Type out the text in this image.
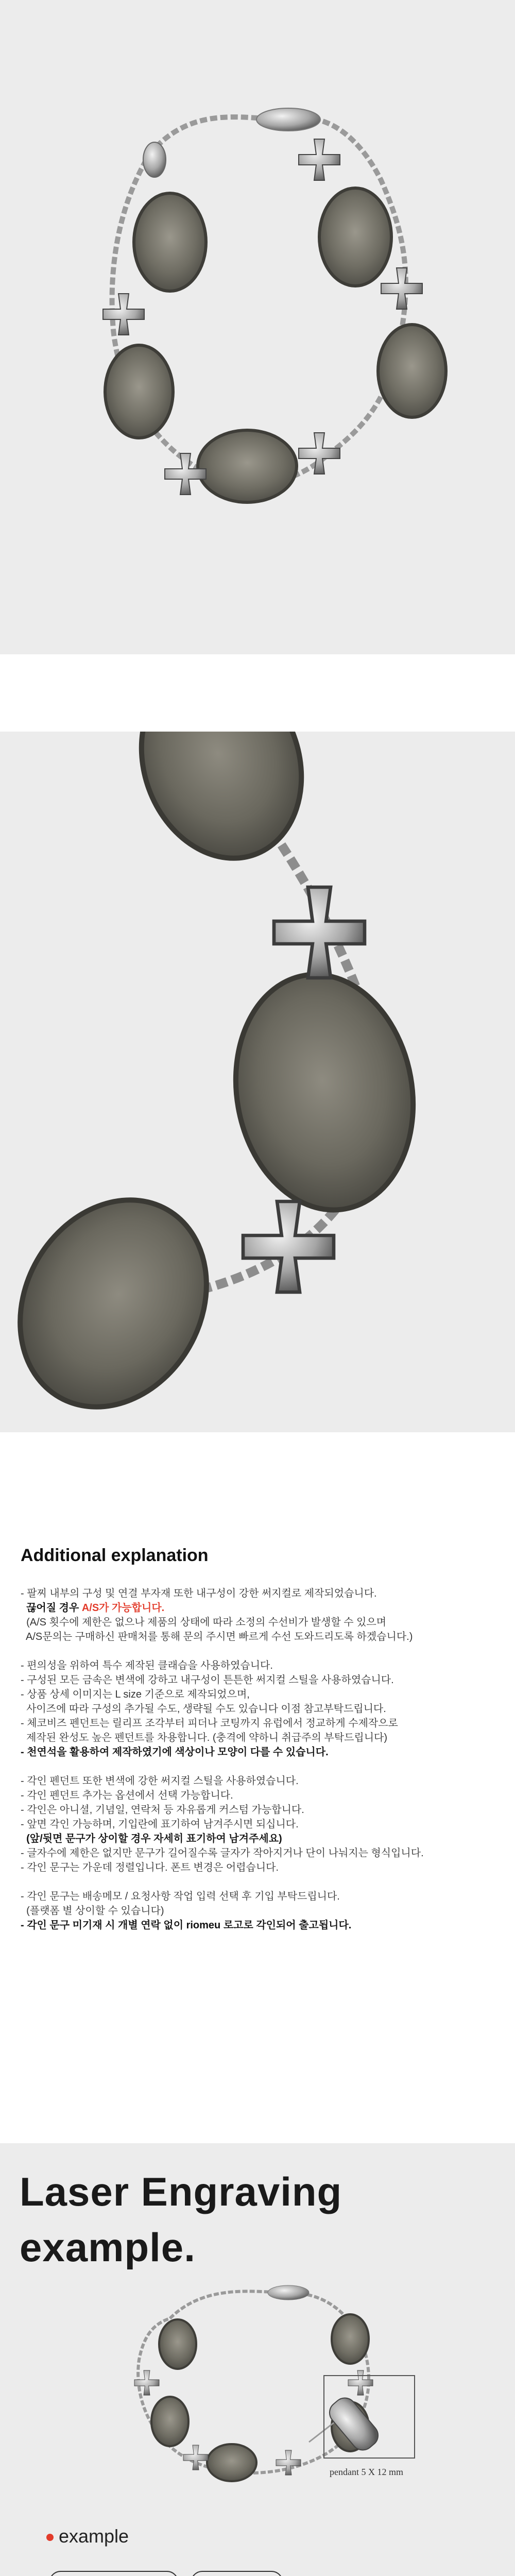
Additional explanation
- 팔찌 내부의 구성 및 연결 부자재 또한 내구성이 강한 써지컬로 제작되었습니다.
끊어질 경우 A/S가 가능합니다.
(A/S 횟수에 제한은 없으나 제품의 상태에 따라 소정의 수선비가 발생할 수 있으며
A/S문의는 구매하신 판매처를 통해 문의 주시면 빠르게 수선 도와드리도록 하겠습니다.)
- 편의성을 위하여 특수 제작된 클래습을 사용하였습니다.
- 구성된 모든 금속은 변색에 강하고 내구성이 튼튼한 써지컬 스틸을 사용하였습니다.
- 상품 상세 이미지는 L size 기준으로 제작되었으며,
사이즈에 따라 구성의 추가될 수도, 생략될 수도 있습니다 이점 참고부탁드립니다.
- 체코비즈 펜던트는 릴리프 조각부터 피더나 코팅까지 유럽에서 정교하게 수제작으로
제작된 완성도 높은 펜던트를 차용합니다. (충격에 약하니 취급주의 부탁드립니다)
- 천연석을 활용하여 제작하였기에 색상이나 모양이 다를 수 있습니다.
- 각인 펜던트 또한 변색에 강한 써지컬 스틸을 사용하였습니다.
- 각인 펜던트 추가는 옵션에서 선택 가능합니다.
- 각인은 아니셜, 기념일, 연락처 등 자유롭게 커스텀 가능합니다.
- 앞면 각인 가능하며, 기입란에 표기하여 남겨주시면 되십니다.
(앞/뒷면 문구가 상이할 경우 자세히 표기하여 남겨주세요)
- 글자수에 제한은 없지만 문구가 길어질수록 글자가 작아지거나 단이 나눠지는 형식입니다.
- 각인 문구는 가운데 정렬입니다. 폰트 변경은 어렵습니다.
- 각인 문구는 배송메모 / 요청사항 작업 입력 선택 후 기입 부탁드립니다.
(플랫폼 별 상이할 수 있습니다)
- 각인 문구 미기재 시 개별 연락 없이 riomeu 로고로 각인되어 출고됩니다.
Laser Engraving
example.
pendant 5 X 12 mm
example
